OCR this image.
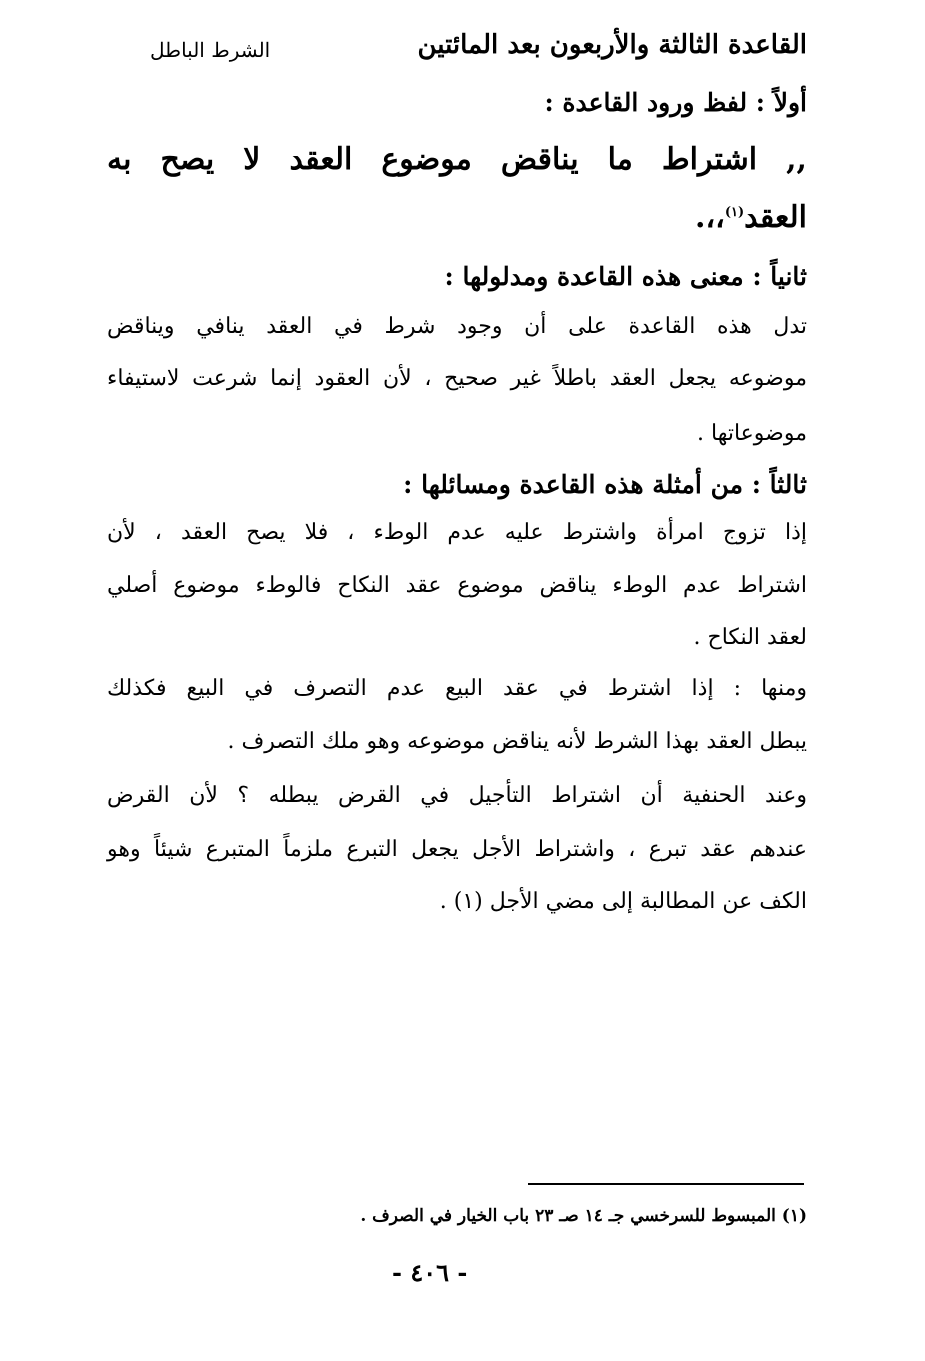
القاعدة الثالثة والأربعون بعد المائتين
الشرط الباطل
أولاً : لفظ ورود القاعدة :
,, اشتراط ما يناقض موضوع العقد لا يصح به
العقد$^{(١)}$،،.
ثانياً : معنى هذه القاعدة ومدلولها :
تدل هذه القاعدة على أن وجود شرط في العقد ينافي ويناقض
موضوعه يجعل العقد باطلاً غير صحيح ، لأن العقود إنما شرعت لاستيفاء
موضوعاتها .
ثالثاً : من أمثلة هذه القاعدة ومسائلها :
إذا تزوج امرأة واشترط عليه عدم الوطء ، فلا يصح العقد ، لأن
اشتراط عدم الوطء يناقض موضوع عقد النكاح فالوطء موضوع أصلي
لعقد النكاح .
ومنها : إذا اشترط في عقد البيع عدم التصرف في البيع فكذلك
يبطل العقد بهذا الشرط لأنه يناقض موضوعه وهو ملك التصرف .
وعند الحنفية أن اشتراط التأجيل في القرض يبطله ؟ لأن القرض
عندهم عقد تبرع ، واشتراط الأجل يجعل التبرع ملزماً المتبرع شيئاً وهو
الكف عن المطالبة إلى مضي الأجل (١) .
(١) المبسوط للسرخسي جـ ١٤ صـ ٢٣ باب الخيار في الصرف .
- ٤٠٦ -
